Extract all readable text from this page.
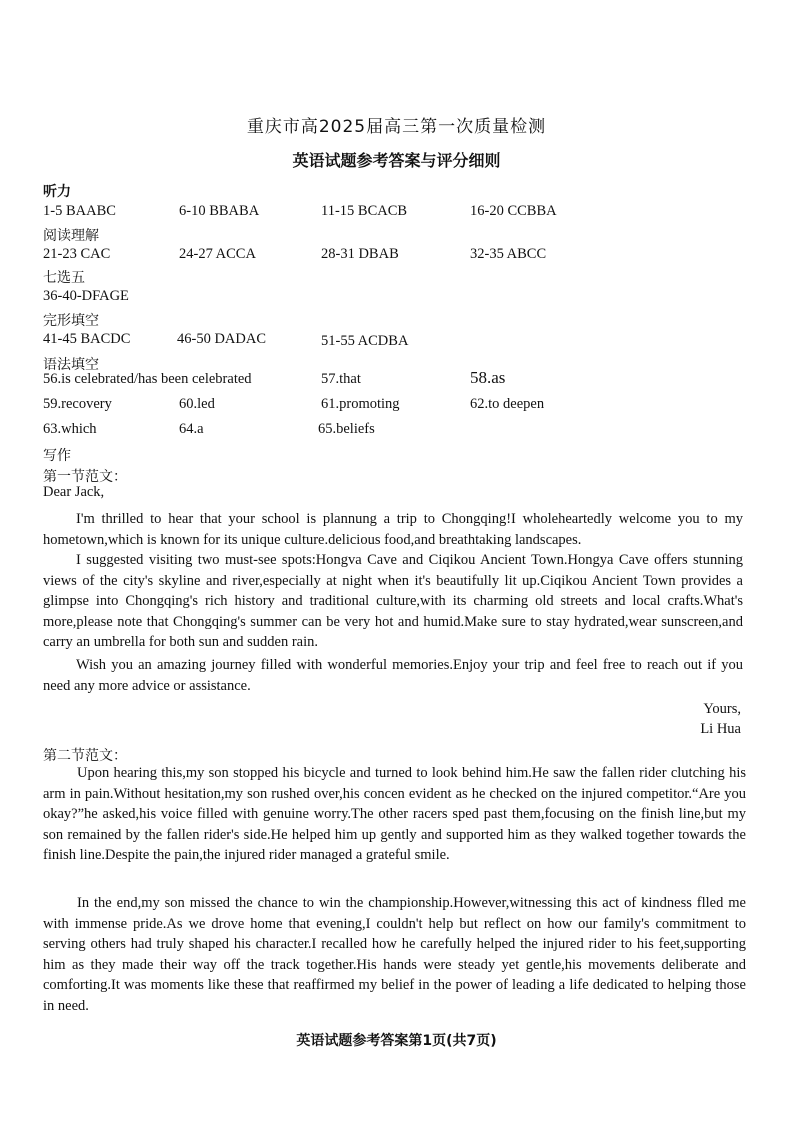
重庆市高2025届高三第一次质量检测
英语试题参考答案与评分细则
听力
1-5 BAABC	6-10 BBABA	11-15 BCACB	16-20 CCBBA
阅读理解
21-23 CAC	24-27 ACCA	28-31 DBAB	32-35 ABCC
七选五
36-40-DFAGE
完形填空
41-45 BACDC	46-50 DADAC	51-55 ACDBA
语法填空
56.is celebrated/has been celebrated	57.that	58.as
59.recovery	60.led	61.promoting	62.to deepen
63.which	64.a	65.beliefs
写作
第一节范文：
Dear Jack,

I'm thrilled to hear that your school is plannung a trip to Chongqing!I wholeheartedly welcome you to my hometown,which is known for its unique culture.delicious food,and breathtaking landscapes.

I suggested visiting two must-see spots:Hongva Cave and Ciqikou Ancient Town.Hongya Cave offers stunning views of the city's skyline and river,especially at night when it's beautifully lit up.Ciqikou Ancient Town provides a glimpse into Chongqing's rich history and traditional culture,with its charming old streets and local crafts.What's more,please note that Chongqing's summer can be very hot and humid.Make sure to stay hydrated,wear sunscreen,and carry an umbrella for both sun and sudden rain.

Wish you an amazing journey filled with wonderful memories.Enjoy your trip and feel free to reach out if you need any more advice or assistance.

Yours,
Li Hua
第二节范文：

Upon hearing this,my son stopped his bicycle and turned to look behind him.He saw the fallen rider clutching his arm in pain.Without hesitation,my son rushed over,his concen evident as he checked on the injured competitor.“Are you okay?”he asked,his voice filled with genuine worry.The other racers sped past them,focusing on the finish line,but my son remained by the fallen rider's side.He helped him up gently and supported him as they walked together towards the finish line.Despite the pain,the injured rider managed a grateful smile.

In the end,my son missed the chance to win the championship.However,witnessing this act of kindness flled me with immense pride.As we drove home that evening,I couldn't help but reflect on how our family's commitment to serving others had truly shaped his character.I recalled how he carefully helped the injured rider to his feet,supporting him as they made their way off the track together.His hands were steady yet gentle,his movements deliberate and comforting.It was moments like these that reaffirmed my belief in the power of leading a life dedicated to helping those in need.

英语试题参考答案第1页(共7页)
